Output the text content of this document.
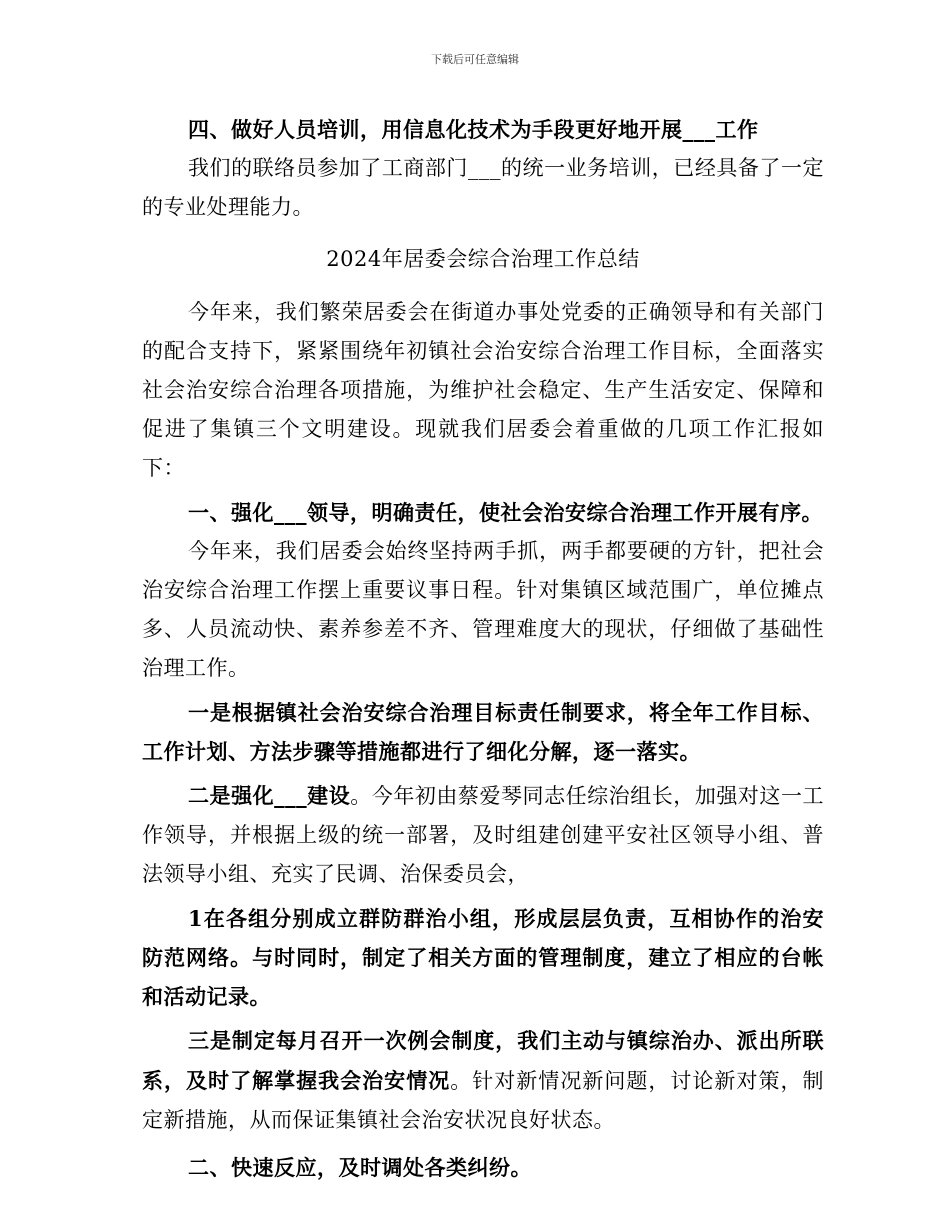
下载后可任意编辑

四、做好人员培训，用信息化技术为手段更好地开展___工作

我们的联络员参加了工商部门___的统一业务培训，已经具备了一定的专业处理能力。

2024年居委会综合治理工作总结

今年来，我们繁荣居委会在街道办事处党委的正确领导和有关部门的配合支持下，紧紧围绕年初镇社会治安综合治理工作目标，全面落实社会治安综合治理各项措施，为维护社会稳定、生产生活安定、保障和促进了集镇三个文明建设。现就我们居委会着重做的几项工作汇报如下：

一、强化___领导，明确责任，使社会治安综合治理工作开展有序。

今年来，我们居委会始终坚持两手抓，两手都要硬的方针，把社会治安综合治理工作摆上重要议事日程。针对集镇区域范围广，单位摊点多、人员流动快、素养参差不齐、管理难度大的现状，仔细做了基础性治理工作。

一是根据镇社会治安综合治理目标责任制要求，将全年工作目标、工作计划、方法步骤等措施都进行了细化分解，逐一落实。

二是强化___建设。今年初由蔡爱琴同志任综治组长，加强对这一工作领导，并根据上级的统一部署，及时组建创建平安社区领导小组、普法领导小组、充实了民调、治保委员会，

1在各组分别成立群防群治小组，形成层层负责，互相协作的治安防范网络。与时同时，制定了相关方面的管理制度，建立了相应的台帐和活动记录。

三是制定每月召开一次例会制度，我们主动与镇综治办、派出所联系，及时了解掌握我会治安情况。针对新情况新问题，讨论新对策，制定新措施，从而保证集镇社会治安状况良好状态。

二、快速反应，及时调处各类纠纷。
